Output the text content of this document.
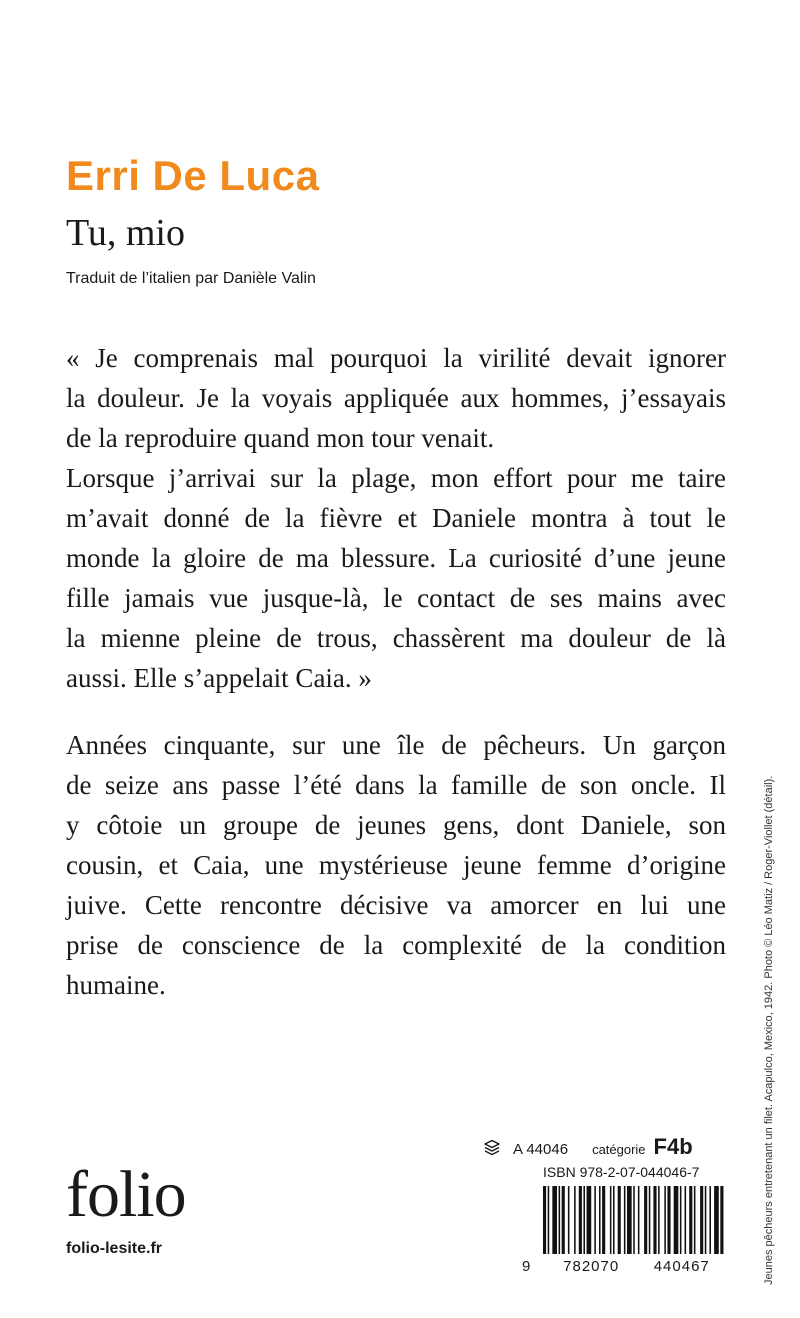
Erri De Luca
Tu, mio

Traduit de l’italien par Danièle Valin

« Je comprenais mal pourquoi la virilité devait ignorer
la douleur. Je la voyais appliquée aux hommes, j’essayais
de la reproduire quand mon tour venait.
Lorsque j’arrivai sur la plage, mon effort pour me taire
m’avait donné de la fièvre et Daniele montra à tout le
monde la gloire de ma blessure. La curiosité d’une jeune
fille jamais vue jusque-là, le contact de ses mains avec
la mienne pleine de trous, chassèrent ma douleur de là
aussi. Elle s’appelait Caia. »

Années cinquante, sur une île de pêcheurs. Un garçon
de seize ans passe l’été dans la famille de son oncle. Il
y côtoie un groupe de jeunes gens, dont Daniele, son
cousin, et Caia, une mystérieuse jeune femme d’origine
juive. Cette rencontre décisive va amorcer en lui une
prise de conscience de la complexité de la condition
humaine.	Jeunes pêcheurs entretenant un filet. Acapulco, Mexico, 1942. Photo © Léo Matiz / Roger-Viollet (détail).
folio
folio-lesite.fr
A 44046 catégorie F4b
ISBN 978-2-07-044046-7
9	782070	440467
